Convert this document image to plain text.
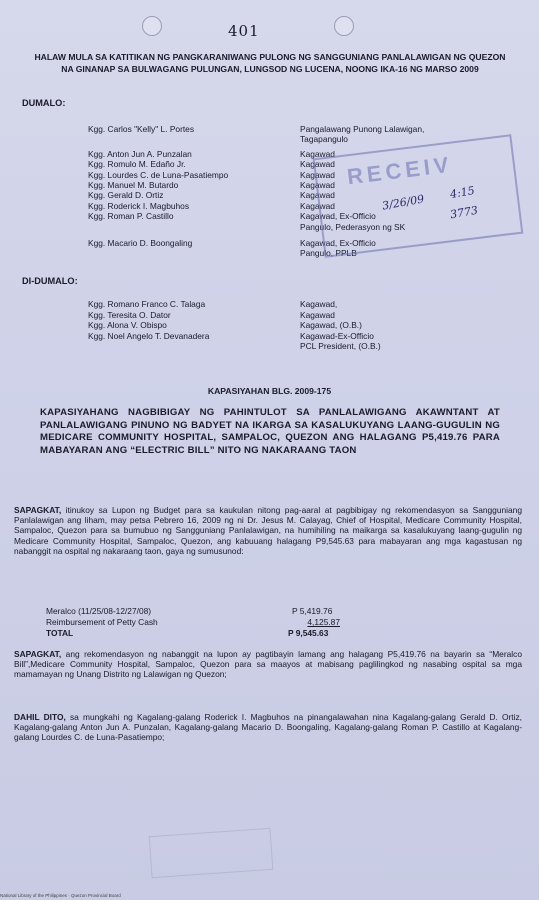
401
HALAW MULA SA KATITIKAN NG PANGKARANIWANG PULONG NG SANGGUNIANG PANLALAWIGAN NG QUEZON NA GINANAP SA BULWAGANG PULUNGAN, LUNGSOD NG LUCENA, NOONG IKA-16 NG MARSO 2009
DUMALO:
Kgg. Carlos "Kelly" L. Portes	Pangalawang Punong Lalawigan,
Tagapangulo
Kgg. Anton Jun A. Punzalan	Kagawad
Kgg. Romulo M. Edaño Jr.	Kagawad
Kgg. Lourdes C. de Luna-Pasatiempo	Kagawad
Kgg. Manuel M. Butardo	Kagawad
Kgg. Gerald D. Ortiz	Kagawad
Kgg. Roderick I. Magbuhos	Kagawad
Kgg. Roman P. Castillo	Kagawad, Ex-Officio
Pangulo, Pederasyon ng SK
Kgg. Macario D. Boongaling	Kagawad, Ex-Officio
Pangulo, PPLB
RECEIV
3/26/09 4:15
3773
DI-DUMALO:
Kgg. Romano Franco C. Talaga	Kagawad,
Kgg. Teresita O. Dator	Kagawad
Kgg. Alona V. Obispo	Kagawad, (O.B.)
Kgg. Noel Angelo T. Devanadera	Kagawad-Ex-Officio
PCL President, (O.B.)
KAPASIYAHAN BLG. 2009-175
KAPASIYAHANG NAGBIBIGAY NG PAHINTULOT SA PANLALAWIGANG AKAWNTANT AT PANLALAWIGANG PINUNO NG BADYET NA IKARGA SA KASALUKUYANG LAANG-GUGULIN NG MEDICARE COMMUNITY HOSPITAL, SAMPALOC, QUEZON ANG HALAGANG P5,419.76 PARA MABAYARAN ANG “ELECTRIC BILL” NITO NG NAKARAANG TAON
SAPAGKAT, itinukoy sa Lupon ng Budget para sa kaukulan nitong pag-aaral at pagbibigay ng rekomendasyon sa Sangguniang Panlalawigan ang liham, may petsa Pebrero 16, 2009 ng ni Dr. Jesus M. Calayag, Chief of Hospital, Medicare Community Hospital, Sampaloc, Quezon para sa bumubuo ng Sangguniang Panlalawigan, na humihiling na maikarga sa kasalukuyang laang-gugulin ng Medicare Community Hospital, Sampaloc, Quezon, ang kabuuang halagang P9,545.63 para mabayaran ang mga kagastusan ng nabanggit na ospital ng nakaraang taon, gaya ng sumusunod:
Meralco (11/25/08-12/27/08)	P 5,419.76
Reimbursement of Petty Cash	4,125.87
TOTAL	P 9,545.63
SAPAGKAT, ang rekomendasyon ng nabanggit na lupon ay pagtibayin lamang ang halagang P5,419.76 na bayarin sa “Meralco Bill”,Medicare Community Hospital, Sampaloc, Quezon para sa maayos at mabisang paglilingkod ng nasabing ospital sa mga mamamayan ng Unang Distrito ng Lalawigan ng Quezon;
DAHIL DITO, sa mungkahi ng Kagalang-galang Roderick I. Magbuhos na pinangalawahan nina Kagalang-galang Gerald D. Ortiz, Kagalang-galang Anton Jun A. Punzalan, Kagalang-galang Macario D. Boongaling, Kagalang-galang Roman P. Castillo at Kagalang-galang Lourdes C. de Luna-Pasatiempo;
National Library of the Philippines · Quezon Provincial Board
